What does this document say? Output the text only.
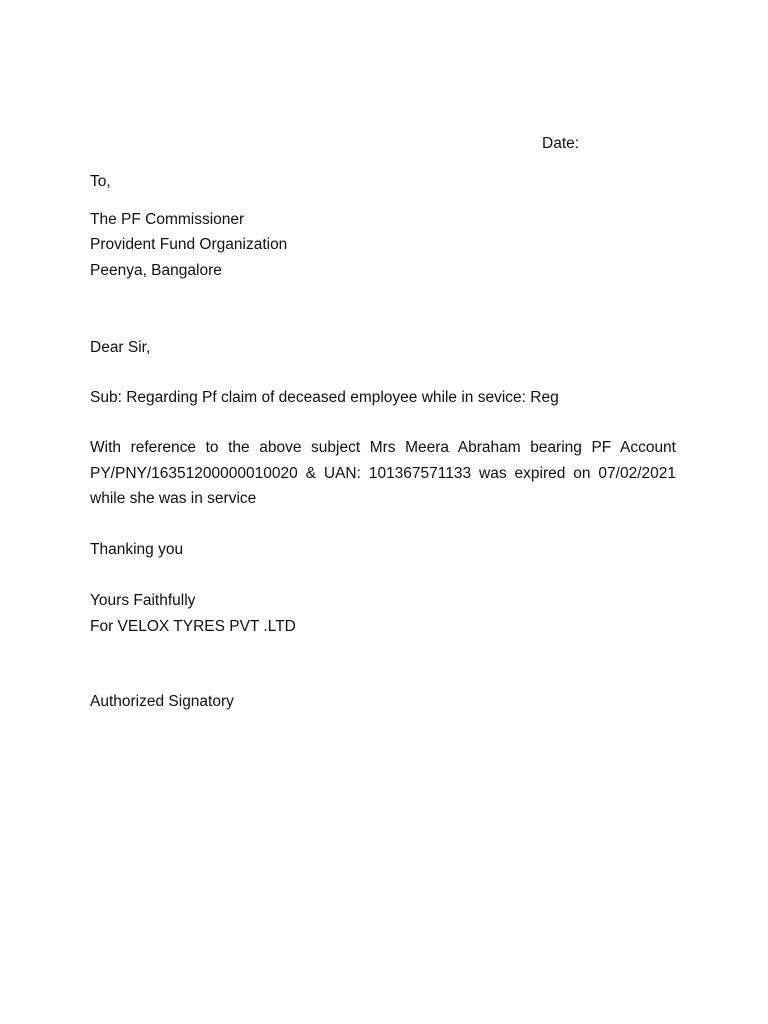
Date:

To,

The PF Commissioner

Provident Fund Organization

Peenya, Bangalore

Dear Sir,

Sub: Regarding Pf claim of deceased employee while in sevice: Reg

With reference to the above subject Mrs Meera Abraham bearing PF Account
PY/PNY/16351200000010020 & UAN: 101367571133 was expired on 07/02/2021
while she was in service

Thanking you

Yours Faithfully

For VELOX TYRES PVT .LTD

Authorized Signatory
